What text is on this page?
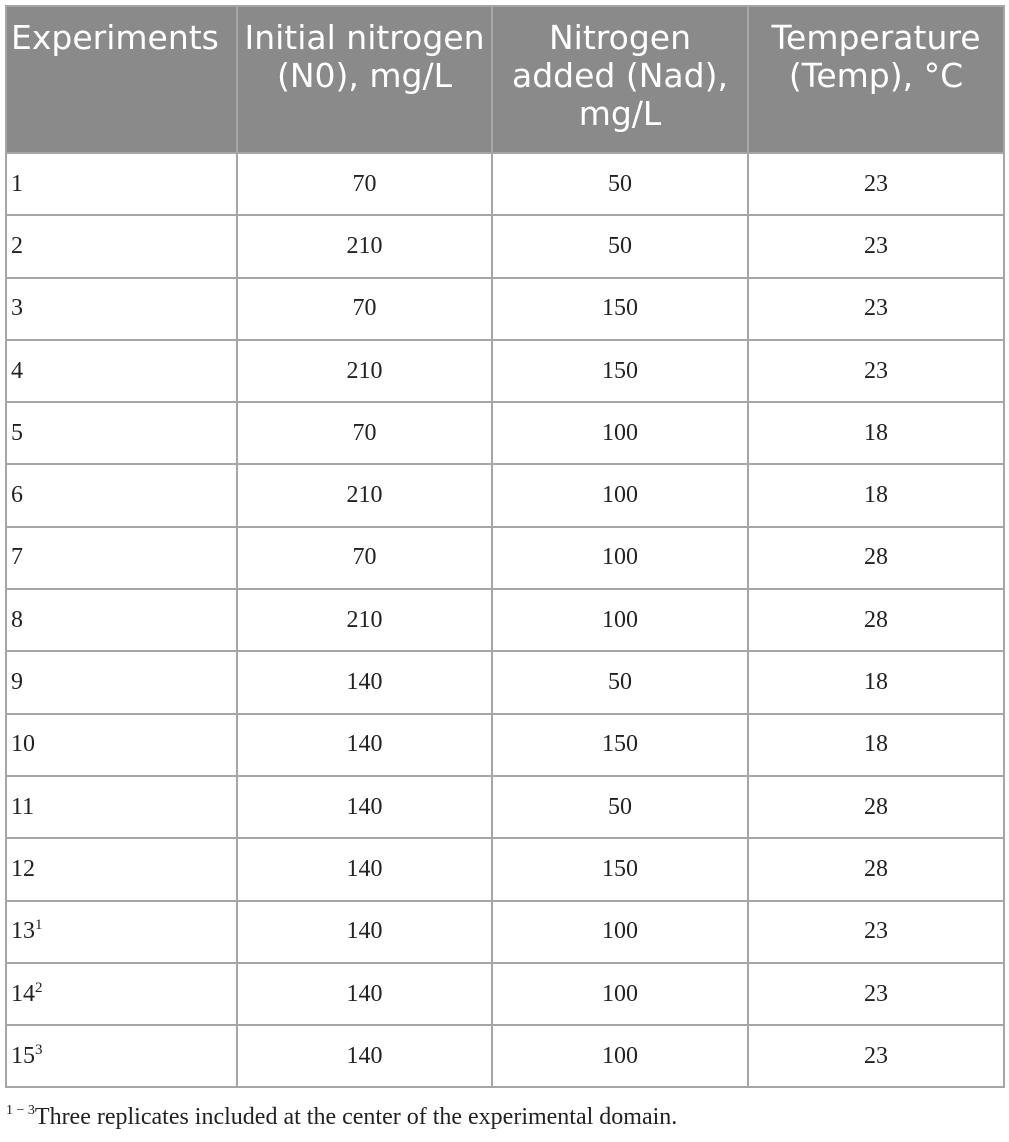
Experiments	Initial nitrogen (N0), mg/L	Nitrogen added (Nad), mg/L	Temperature (Temp), °C
1	70	50	23
2	210	50	23
3	70	150	23
4	210	150	23
5	70	100	18
6	210	100	18
7	70	100	28
8	210	100	28
9	140	50	18
10	140	150	18
11	140	50	28
12	140	150	28
$13^1$	140	100	23
$14^2$	140	100	23
$15^3$	140	100	23
$^{1 - 3}$Three replicates included at the center of the experimental domain.
